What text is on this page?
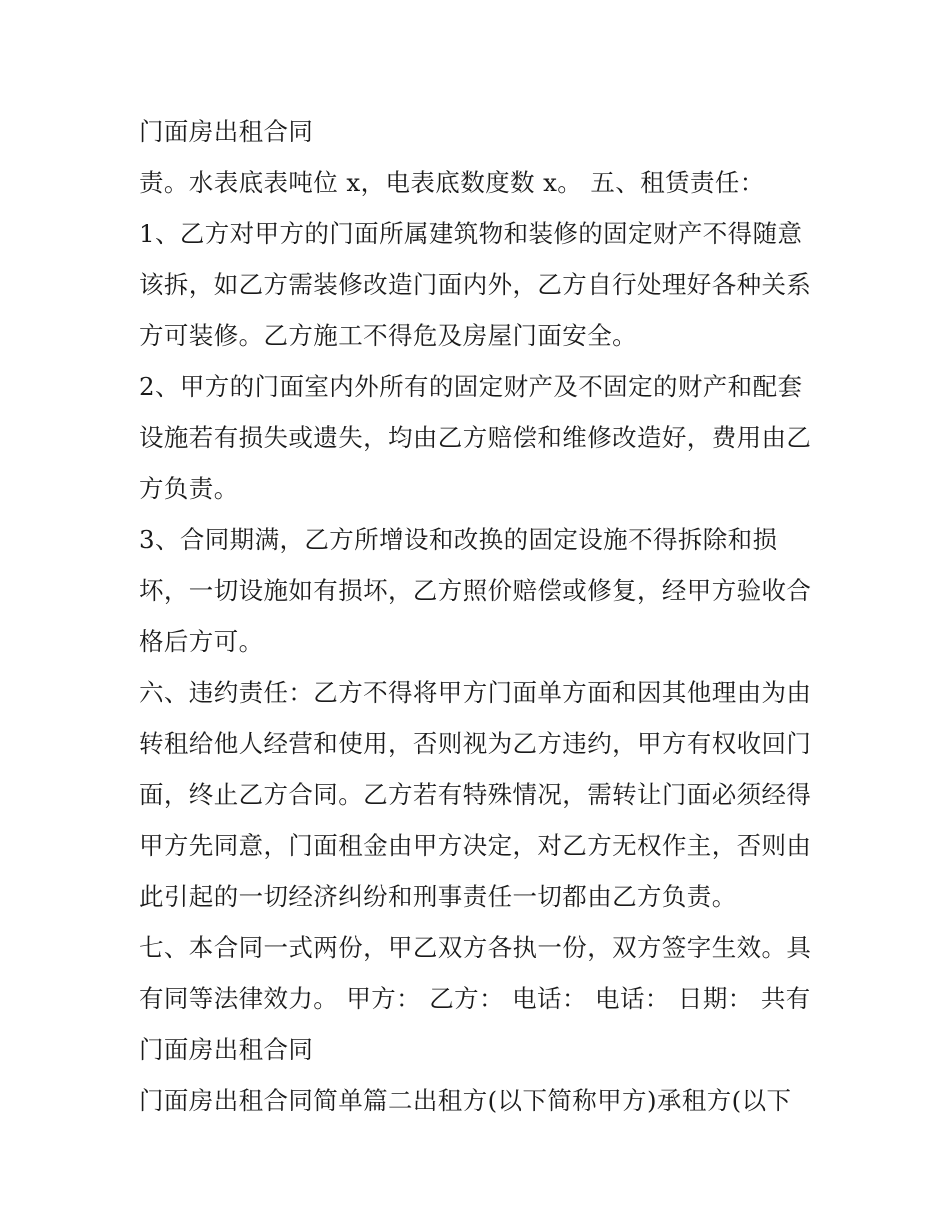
门面房出租合同
责。水表底表吨位 x，电表底数度数 x。 五、租赁责任：
1、乙方对甲方的门面所属建筑物和装修的固定财产不得随意
该拆，如乙方需装修改造门面内外，乙方自行处理好各种关系
方可装修。乙方施工不得危及房屋门面安全。
2、甲方的门面室内外所有的固定财产及不固定的财产和配套
设施若有损失或遗失，均由乙方赔偿和维修改造好，费用由乙
方负责。
3、合同期满，乙方所增设和改换的固定设施不得拆除和损
坏，一切设施如有损坏，乙方照价赔偿或修复，经甲方验收合
格后方可。
六、违约责任：乙方不得将甲方门面单方面和因其他理由为由
转租给他人经营和使用，否则视为乙方违约，甲方有权收回门
面，终止乙方合同。乙方若有特殊情况，需转让门面必须经得
甲方先同意，门面租金由甲方决定，对乙方无权作主，否则由
此引起的一切经济纠纷和刑事责任一切都由乙方负责。
七、本合同一式两份，甲乙双方各执一份，双方签字生效。具
有同等法律效力。 甲方： 乙方： 电话： 电话： 日期： 共有
门面房出租合同
门面房出租合同简单篇二出租方(以下简称甲方)承租方(以下
